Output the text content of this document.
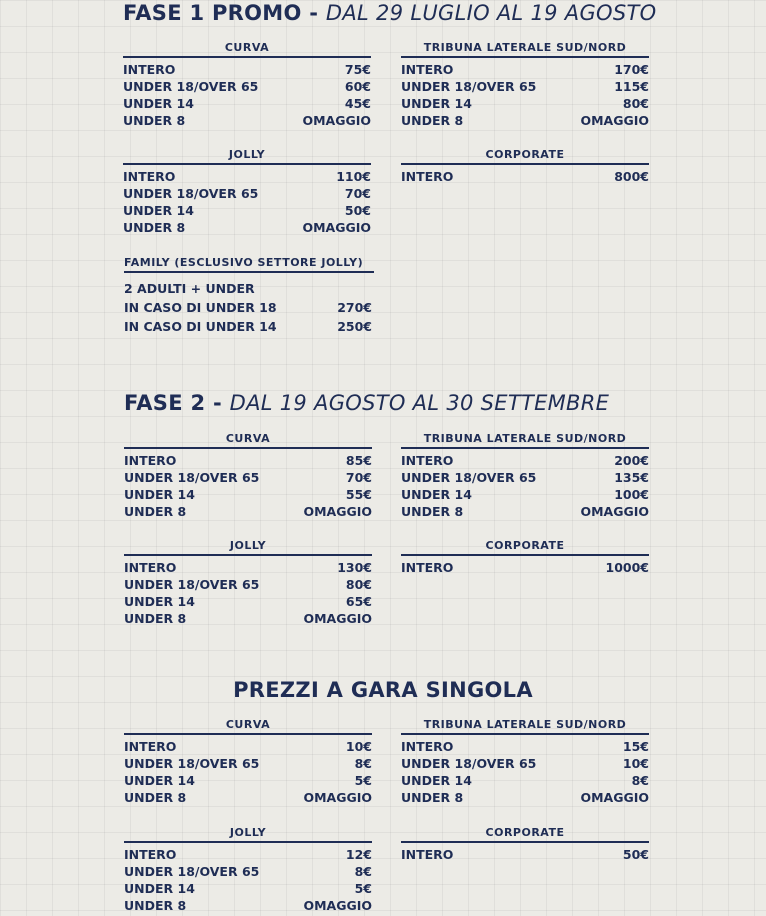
FASE 1 PROMO - DAL 29 LUGLIO AL 19 AGOSTO
CURVA
INTERO	75€
UNDER 18/OVER 65	60€
UNDER 14	45€
UNDER 8	OMAGGIO
TRIBUNA LATERALE SUD/NORD
INTERO	170€
UNDER 18/OVER 65	115€
UNDER 14	80€
UNDER 8	OMAGGIO
JOLLY
INTERO	110€
UNDER 18/OVER 65	70€
UNDER 14	50€
UNDER 8	OMAGGIO
CORPORATE
INTERO	800€
FAMILY (ESCLUSIVO SETTORE JOLLY)
2 ADULTI + UNDER
IN CASO DI UNDER 18	270€
IN CASO DI UNDER 14	250€
FASE 2 - DAL 19 AGOSTO AL 30 SETTEMBRE
CURVA
INTERO	85€
UNDER 18/OVER 65	70€
UNDER 14	55€
UNDER 8	OMAGGIO
TRIBUNA LATERALE SUD/NORD
INTERO	200€
UNDER 18/OVER 65	135€
UNDER 14	100€
UNDER 8	OMAGGIO
JOLLY
INTERO	130€
UNDER 18/OVER 65	80€
UNDER 14	65€
UNDER 8	OMAGGIO
CORPORATE
INTERO	1000€
PREZZI A GARA SINGOLA
CURVA
INTERO	10€
UNDER 18/OVER 65	8€
UNDER 14	5€
UNDER 8	OMAGGIO
TRIBUNA LATERALE SUD/NORD
INTERO	15€
UNDER 18/OVER 65	10€
UNDER 14	8€
UNDER 8	OMAGGIO
JOLLY
INTERO	12€
UNDER 18/OVER 65	8€
UNDER 14	5€
UNDER 8	OMAGGIO
CORPORATE
INTERO	50€
